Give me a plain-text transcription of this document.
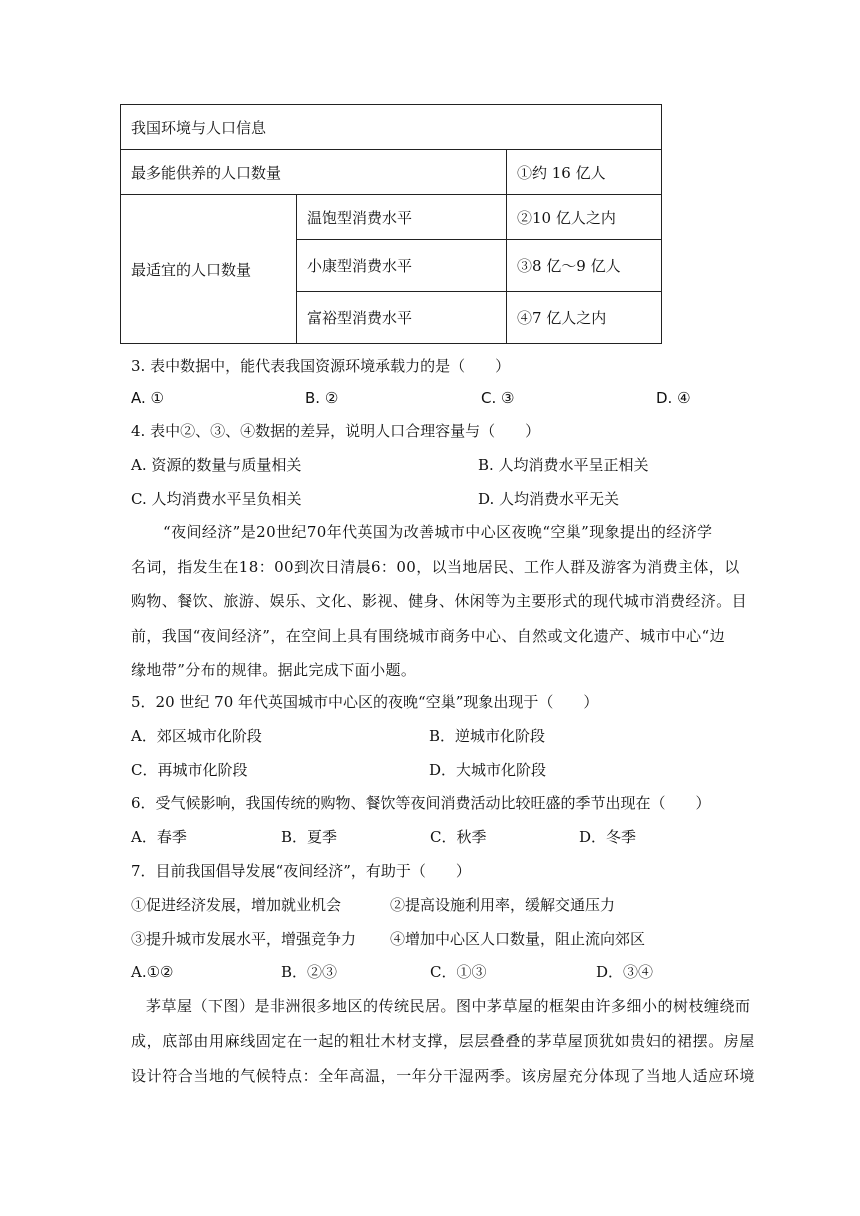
我国环境与人口信息		
最多能供养的人口数量		①约 16 亿人
最适宜的人口数量	温饱型消费水平	②10 亿人之内
	小康型消费水平	③8 亿～9 亿人
	富裕型消费水平	④7 亿人之内
3. 表中数据中，能代表我国资源环境承载力的是（　　）
A. ①	B. ②	C. ③	D. ④
4. 表中②、③、④数据的差异，说明人口合理容量与（　　）
A. 资源的数量与质量相关	B. 人均消费水平呈正相关
C. 人均消费水平呈负相关	D. 人均消费水平无关
“夜间经济”是20世纪70年代英国为改善城市中心区夜晚“空巢”现象提出的经济学
名词，指发生在18：00到次日清晨6：00，以当地居民、工作人群及游客为消费主体，以
购物、餐饮、旅游、娱乐、文化、影视、健身、休闲等为主要形式的现代城市消费经济。目
前，我国“夜间经济”，在空间上具有围绕城市商务中心、自然或文化遗产、城市中心“边
缘地带”分布的规律。据此完成下面小题。
5．20 世纪 70 年代英国城市中心区的夜晚“空巢”现象出现于（　　）
A．郊区城市化阶段	B．逆城市化阶段
C．再城市化阶段	D．大城市化阶段
6．受气候影响，我国传统的购物、餐饮等夜间消费活动比较旺盛的季节出现在（　　）
A．春季	B．夏季	C．秋季	D．冬季
7．目前我国倡导发展“夜间经济”，有助于（　　）
①促进经济发展，增加就业机会	②提高设施利用率，缓解交通压力
③提升城市发展水平，增强竞争力 ④增加中心区人口数量，阻止流向郊区
A.①②	B．②③	C．①③	D．③④
茅草屋（下图）是非洲很多地区的传统民居。图中茅草屋的框架由许多细小的树枝缠绕而
成，底部由用麻线固定在一起的粗壮木材支撑，层层叠叠的茅草屋顶犹如贵妇的裙摆。房屋
设计符合当地的气候特点：全年高温，一年分干湿两季。该房屋充分体现了当地人适应环境
